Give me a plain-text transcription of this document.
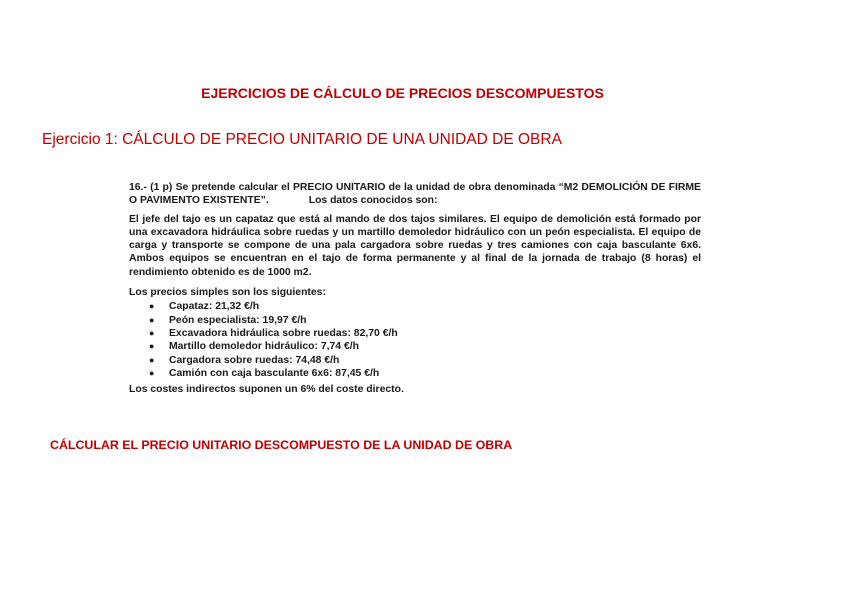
EJERCICIOS DE CÁLCULO DE PRECIOS DESCOMPUESTOS
Ejercicio 1: CÁLCULO DE PRECIO UNITARIO DE UNA UNIDAD DE OBRA

16.- (1 p) Se pretende calcular el PRECIO UNITARIO de la unidad de obra denominada “M2 DEMOLICIÓN DE FIRME O PAVIMENTO EXISTENTE”.	Los datos conocidos son:

El jefe del tajo es un capataz que está al mando de dos tajos similares. El equipo de demolición está formado por una excavadora hidráulica sobre ruedas y un martillo demoledor hidráulico con un peón especialista. El equipo de carga y transporte se compone de una pala cargadora sobre ruedas y tres camiones con caja basculante 6x6. Ambos equipos se encuentran en el tajo de forma permanente y al final de la jornada de trabajo (8 horas) el rendimiento obtenido es de 1000 m2.

Los precios simples son los siguientes:

● Capataz: 21,32 €/h
● Peón especialista: 19,97 €/h
● Excavadora hidráulica sobre ruedas: 82,70 €/h
● Martillo demoledor hidráulico: 7,74 €/h
● Cargadora sobre ruedas: 74,48 €/h
● Camión con caja basculante 6x6: 87,45 €/h

Los costes indirectos suponen un 6% del coste directo.

CÁLCULAR EL PRECIO UNITARIO DESCOMPUESTO DE LA UNIDAD DE OBRA
